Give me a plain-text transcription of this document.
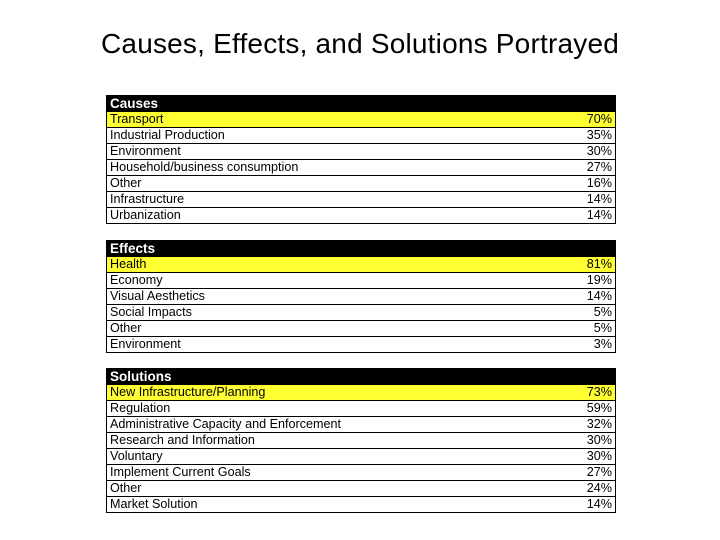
Causes, Effects, and Solutions Portrayed
Causes	
Transport	70%
Industrial Production	35%
Environment	30%
Household/business consumption	27%
Other	16%
Infrastructure	14%
Urbanization	14%
Effects	
Health	81%
Economy	19%
Visual Aesthetics	14%
Social Impacts	5%
Other	5%
Environment	3%
Solutions	
New Infrastructure/Planning	73%
Regulation	59%
Administrative Capacity and Enforcement	32%
Research and Information	30%
Voluntary	30%
Implement Current Goals	27%
Other	24%
Market Solution	14%
